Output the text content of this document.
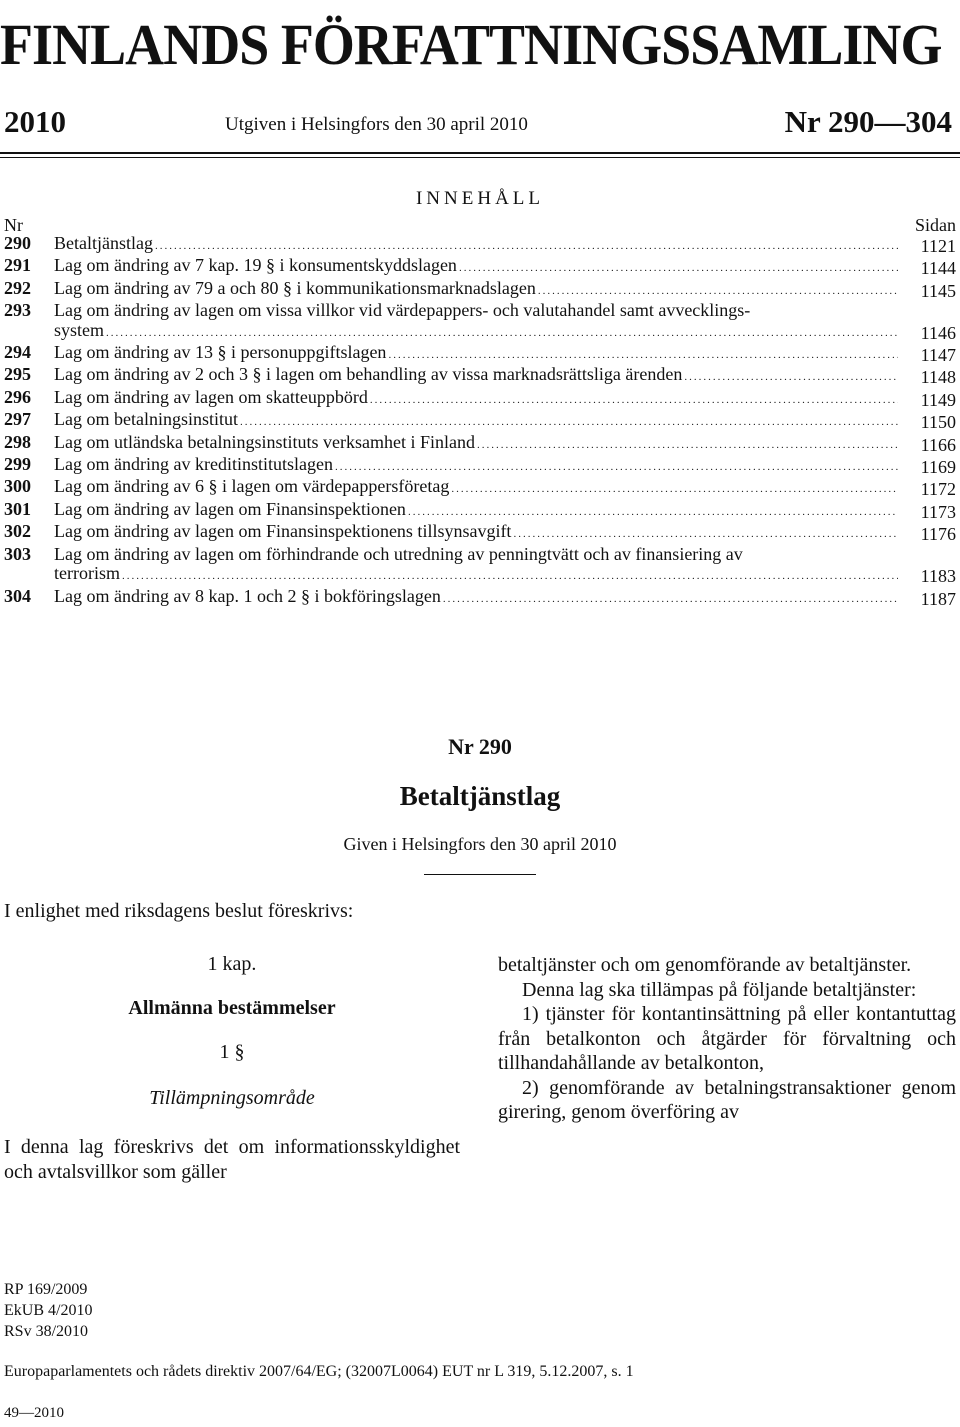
FINLANDS FÖRFATTNINGSSAMLING
2010	Utgiven i Helsingfors den 30 april 2010	Nr 290—304
INNEHÅLL
Nr	Sidan
290	Betaltjänstlag .....	1121
291	Lag om ändring av 7 kap. 19 § i konsumentskyddslagen .....	1144
292	Lag om ändring av 79 a och 80 § i kommunikationsmarknadslagen .....	1145
293	Lag om ändring av lagen om vissa villkor vid värdepappers- och valutahandel samt avvecklings-
system .....	1146
294	Lag om ändring av 13 § i personuppgiftslagen .....	1147
295	Lag om ändring av 2 och 3 § i lagen om behandling av vissa marknadsrättsliga ärenden .....	1148
296	Lag om ändring av lagen om skatteuppbörd .....	1149
297	Lag om betalningsinstitut .....	1150
298	Lag om utländska betalningsinstituts verksamhet i Finland .....	1166
299	Lag om ändring av kreditinstitutslagen .....	1169
300	Lag om ändring av 6 § i lagen om värdepappersföretag .....	1172
301	Lag om ändring av lagen om Finansinspektionen .....	1173
302	Lag om ändring av lagen om Finansinspektionens tillsynsavgift .....	1176
303	Lag om ändring av lagen om förhindrande och utredning av penningtvätt och av finansiering av
terrorism .....	1183
304	Lag om ändring av 8 kap. 1 och 2 § i bokföringslagen .....	1187
Nr 290
Betaltjänstlag
Given i Helsingfors den 30 april 2010
I enlighet med riksdagens beslut föreskrivs:
1 kap.
Allmänna bestämmelser
1 §
Tillämpningsområde
I denna lag föreskrivs det om informationsskyldighet och avtalsvillkor som gäller

betaltjänster och om genomförande av betaltjänster.

Denna lag ska tillämpas på följande betaltjänster:

1) tjänster för kontantinsättning på eller kontantuttag från betalkonton och åtgärder för förvaltning och tillhandahållande av betalkonton,

2) genomförande av betalningstransaktioner genom girering, genom överföring av

RP 169/2009
EkUB 4/2010
RSv 38/2010
Europaparlamentets och rådets direktiv 2007/64/EG; (32007L0064) EUT nr L 319, 5.12.2007, s. 1
49—2010
